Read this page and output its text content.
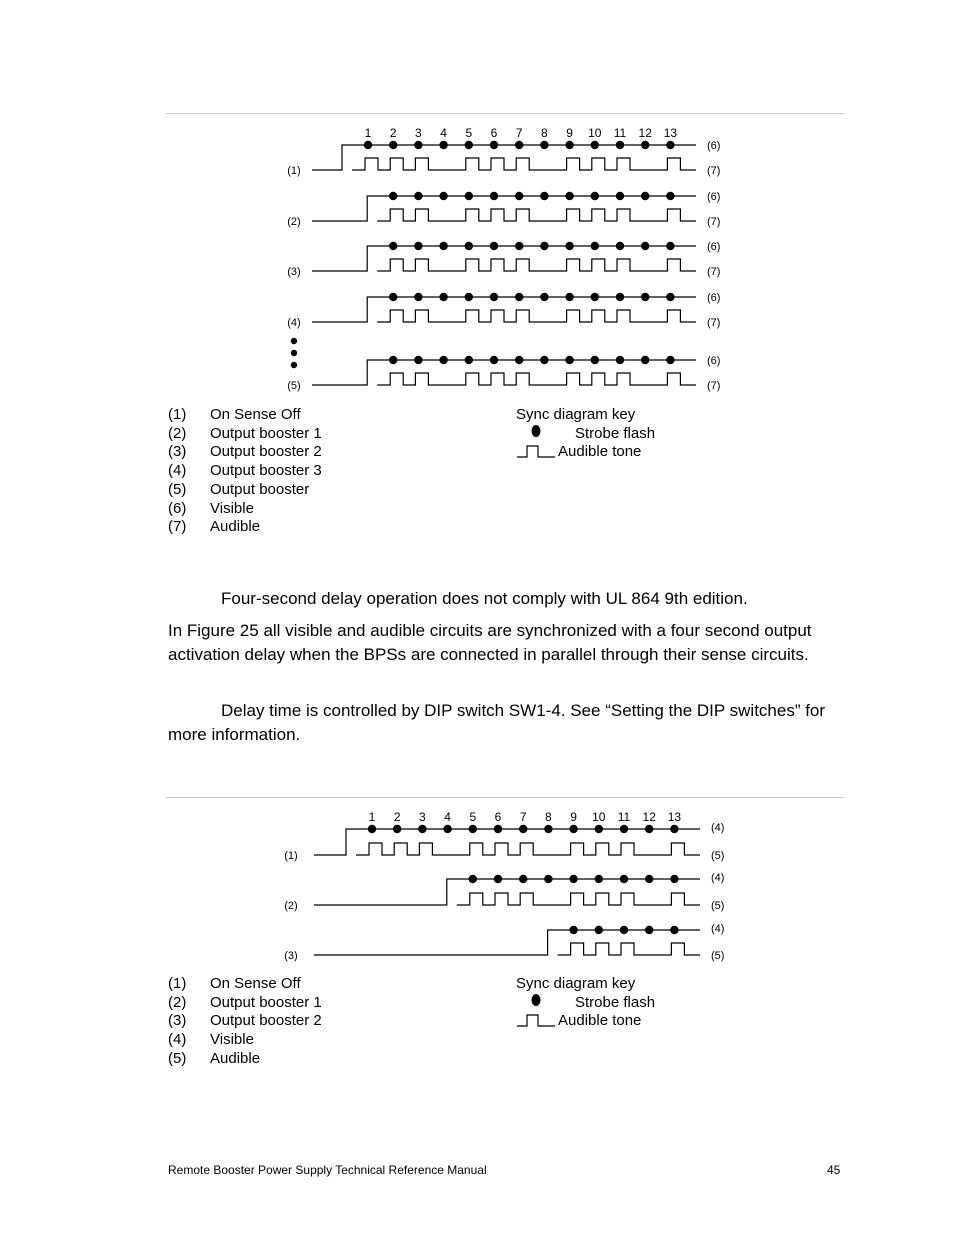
1 2 3 4 5 6 7 8 9 10 11 12 13
(1)
(6)
(7)
(2)
(6)
(7)
(3)
(6)
(7)
(4)
(6)
(7)
(5)
(6)
(7)
(1)	On Sense Off
(2)	Output booster 1
(3)	Output booster 2
(4)	Output booster 3
(5)	Output booster
(6)	Visible
(7)	Audible
Sync diagram key
Strobe flash
Audible tone

Four-second delay operation does not comply with UL 864 9th edition.

In Figure 25 all visible and audible circuits are synchronized with a four second output activation delay when the BPSs are connected in parallel through their sense circuits.

Delay time is controlled by DIP switch SW1-4. See “Setting the DIP switches” for more information.

1 2 3 4 5 6 7 8 9 10 11 12 13
(1)
(4)
(5)
(2)
(4)
(5)
(3)
(4)
(5)
(1)	On Sense Off
(2)	Output booster 1
(3)	Output booster 2
(4)	Visible
(5)	Audible
Sync diagram key
Strobe flash
Audible tone
Remote Booster Power Supply Technical Reference Manual	45
